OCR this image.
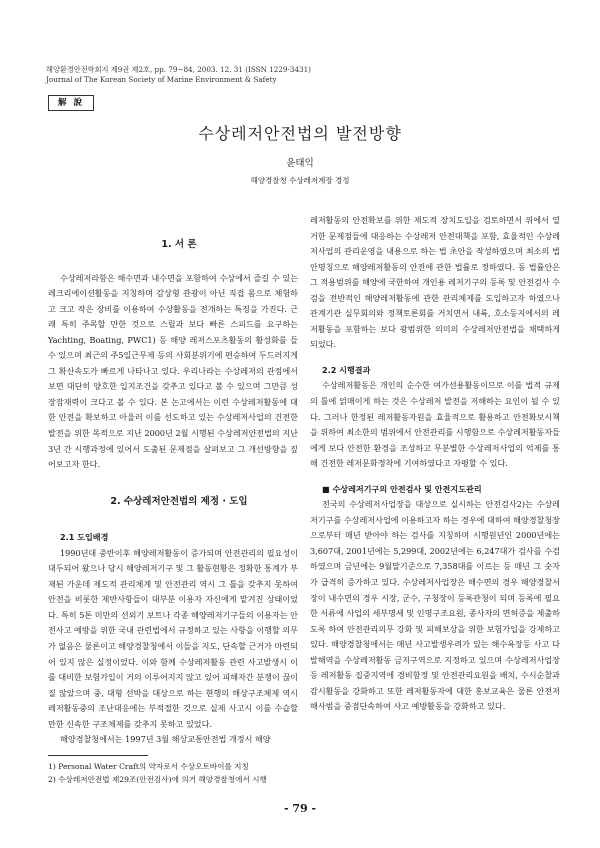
해양환경안전학회지 제9권 제2호, pp. 79~84, 2003. 12. 31 (ISSN 1229-3431)
Journal of The Korean Society of Marine Environment & Safety
解 說
수상레저안전법의 발전방향
윤태익
해양경찰청 수상레저계장 경정

1. 서 론

수상레저라함은 해수면과 내수면을 포함하여 수상에서 즐길 수 있는 레크리에이션활동을 지칭하며 감상형 관광이 아닌 직접 몸으로 체험하고 크고 작은 장비를 이용하여 수상활동을 전개하는 특징을 가진다. 근래 특히 주목할 만한 것으로 스릴과 보다 빠른 스피드를 요구하는 Yachting, Boating, PWC1) 등 해양 레저스포츠활동의 활성화를 들 수 있으며 최근의 주5일근무제 등의 사회분위기에 편승하여 두드러지게 그 확산속도가 빠르게 나타나고 있다. 우리나라는 수상레저의 관점에서 보면 대단히 양호한 입지조건을 갖추고 있다고 볼 수 있으며 그만큼 성장잠재력이 크다고 볼 수 있다. 본 논고에서는 이런 수상레저활동에 대한 안전을 확보하고 아울러 이를 선도하고 있는 수상레저사업의 건전한 발전을 위한 목적으로 지난 2000년 2월 시행된 수상레저안전법의 지난 3년 간 시행과정에 있어서 도출된 문제점을 살펴보고 그 개선방향을 짚어보고자 한다.

2. 수상레저안전법의 제정 · 도입

2.1 도입배경

1990년대 중반이후 해양레저활동이 증가되며 안전관리의 필요성이 대두되어 왔으나 당시 해양레저기구 및 그 활동현황은 정확한 통계가 부재된 가운데 제도적 관리체계 및 안전관리 역시 그 틀을 갖추지 못하여 안전을 비롯한 제반사항들이 대부분 이용자 자신에게 맡겨진 상태이었다. 특히 5톤 미만의 선외기 보트나 각종 해양레저기구들의 이용자는 안전사고 예방을 위한 국내 관련법에서 규정하고 있는 사항을 이행할 의무가 없음은 물론이고 해양경찰청에서 이들을 지도, 단속할 근거가 마련되어 있지 않은 실정이었다. 이와 함께 수상레저활동 관련 사고발생시 이를 대비한 보험가입이 거의 이루어지지 않고 있어 피해자간 분쟁이 끊이질 않았으며 중, 대형 선박을 대상으로 하는 현행의 해상구조체제 역시 레저활동중의 조난대응에는 부적절한 것으로 실제 사고시 이를 수습할 만한 신속한 구조체제를 갖추지 못하고 있었다.

해양경찰청에서는 1997년 3월 해상교통안전법 개정시 해양

레저활동의 안전확보를 위한 제도적 장치도입을 검토하면서 위에서 열거한 문제점들에 대응하는 수상레저 안전대책을 포함, 효율적인 수상레저사업의 관리운영을 내용으로 하는 법 초안을 작성하였으며 최소의 법안명칭으로 해양레저활동의 안전에 관한 법률로 정하였다. 동 법률안은 그 적용범위를 해양에 국한하여 개인용 레저기구의 등록 및 안전검사 수검을 전반적인 해양레저활동에 관한 관리체제를 도입하고자 하였으나 관계기관 실무회의와 정책토론회를 거치면서 내륙, 호소등지에서의 레저활동을 포함하는 보다 광범위한 의미의 수상레저안전법을 채택하게 되었다.

2.2 시행결과

수상레저활동은 개인의 순수한 여가선용활동이므로 이를 법적 규제의 틀에 얽매이게 하는 것은 수상레저 발전을 저해하는 요인이 될 수 있다. 그러나 한정된 레저활동자원을 효율적으로 활용하고 안전확보시책을 위하여 최소한의 범위에서 안전관리를 시행함으로 수상레저활동자들에게 보다 안전한 환경을 조성하고 무분별한 수상레저사업의 억제를 통해 건전한 레저문화정착에 기여하였다고 자평할 수 있다.

■ 수상레저기구의 안전검사 및 안전지도관리

전국의 수상레저사업장을 대상으로 실시하는 안전검사2)는 수상레저기구를 수상레저사업에 이용하고자 하는 경우에 대하여 해양경찰청장으로부터 매년 받아야 하는 검사를 지칭하며 시행원년인 2000년에는 3,607대, 2001년에는 5,299대, 2002년에는 6,247대가 검사를 수검하였으며 금년에는 9월말기준으로 7,358대를 이르는 등 매년 그 숫자가 급격히 증가하고 있다. 수상레저사업장은 해수면의 경우 해양경찰서장이 내수면의 경우 시장, 군수, 구청장이 등록관청이 되며 등록에 필요한 서류에 사업의 세부명세 및 인명구조요원, 종사자의 면허증을 제출하도록 하여 안전관리의무 강화 및 피해보상을 위한 보험가입을 강제하고 있다. 해양경찰청에서는 매년 사고발생우려가 있는 해수욕장등 사고 다발해역을 수상레저활동 금지구역으로 지정하고 있으며 수상레저사업장등 레저활동 집중지역에 경비함정 및 안전관리요원을 배치, 수시순찰과 감시활동을 강화하고 또한 레저활동자에 대한 홍보교육은 물론 안전저해사범을 중점단속하여 사고 예방활동을 강화하고 있다.

1) Personal Water Craft의 약자로서 수상오토바이를 지칭
2) 수상레저안전법 제29조(안전검사)에 의거 해양경찰청에서 시행
- 79 -
